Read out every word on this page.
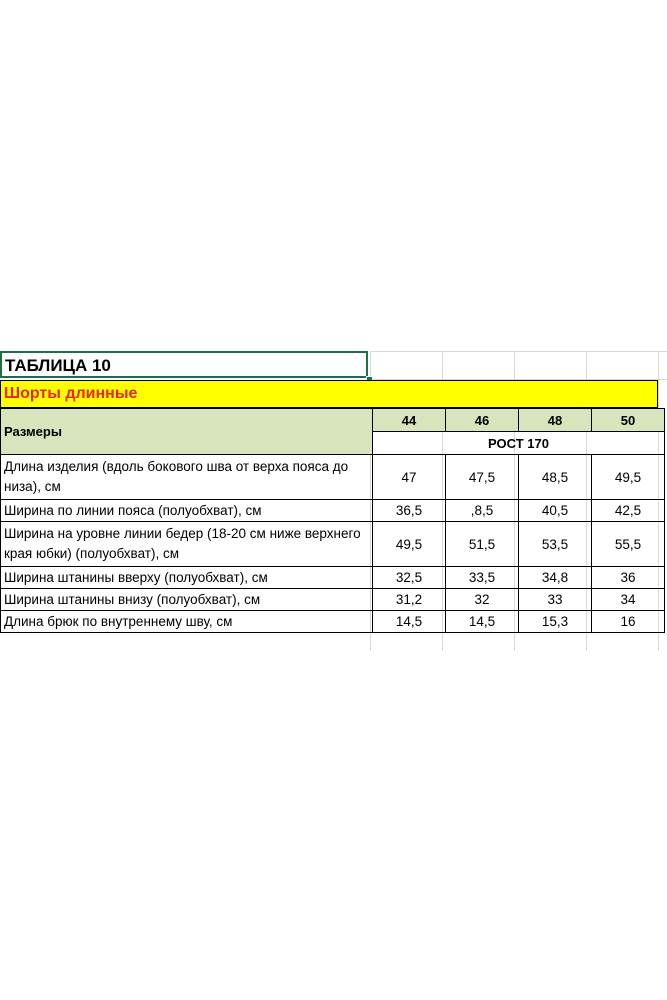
ТАБЛИЦА 10
Шорты длинные
Размеры	44	46	48	50
	РОСТ 170			
Длина изделия (вдоль бокового шва от верха пояса до низа), см	47	47,5	48,5	49,5
Ширина по линии пояса (полуобхват), см	36,5	,8,5	40,5	42,5
Ширина на уровне линии бедер (18-20 см ниже верхнего края юбки) (полуобхват), см	49,5	51,5	53,5	55,5
Ширина штанины вверху (полуобхват), см	32,5	33,5	34,8	36
Ширина штанины внизу (полуобхват), см	31,2	32	33	34
Длина брюк по внутреннему шву, см	14,5	14,5	15,3	16
